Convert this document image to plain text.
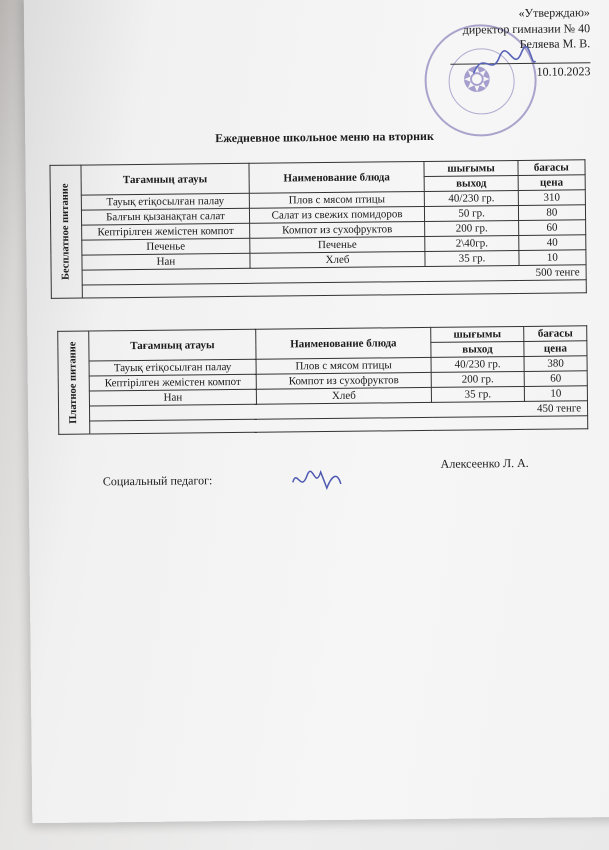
❂
«Утверждаю»
директор гимназии № 40
Беляева М. В.
10.10.2023
Ежедневное школьное меню на вторник
Бесплатное питание	Тағамның атауы	Наименование блюда	шығымы	бағасы
			выход	цена
	Тауық етіқосылған палау	Плов с мясом птицы	40/230 гр.	310
	Балғын қызанақтан салат	Салат из свежих помидоров	50 гр.	80
	Кептірілген жемістен компот	Компот из сухофруктов	200 гр.	60
	Печенье	Печенье	2\40гр.	40
	Нан	Хлеб	35 гр.	10
	500 тенге			

Платное питание	Тағамның атауы	Наименование блюда	шығымы	бағасы
			выход	цена
	Тауық етіқосылған палау	Плов с мясом птицы	40/230 гр.	380
	Кептірілген жемістен компот	Компот из сухофруктов	200 гр.	60
	Нан	Хлеб	35 гр.	10
	450 тенге			

Социальный педагог:
Алексеенко Л. А.
